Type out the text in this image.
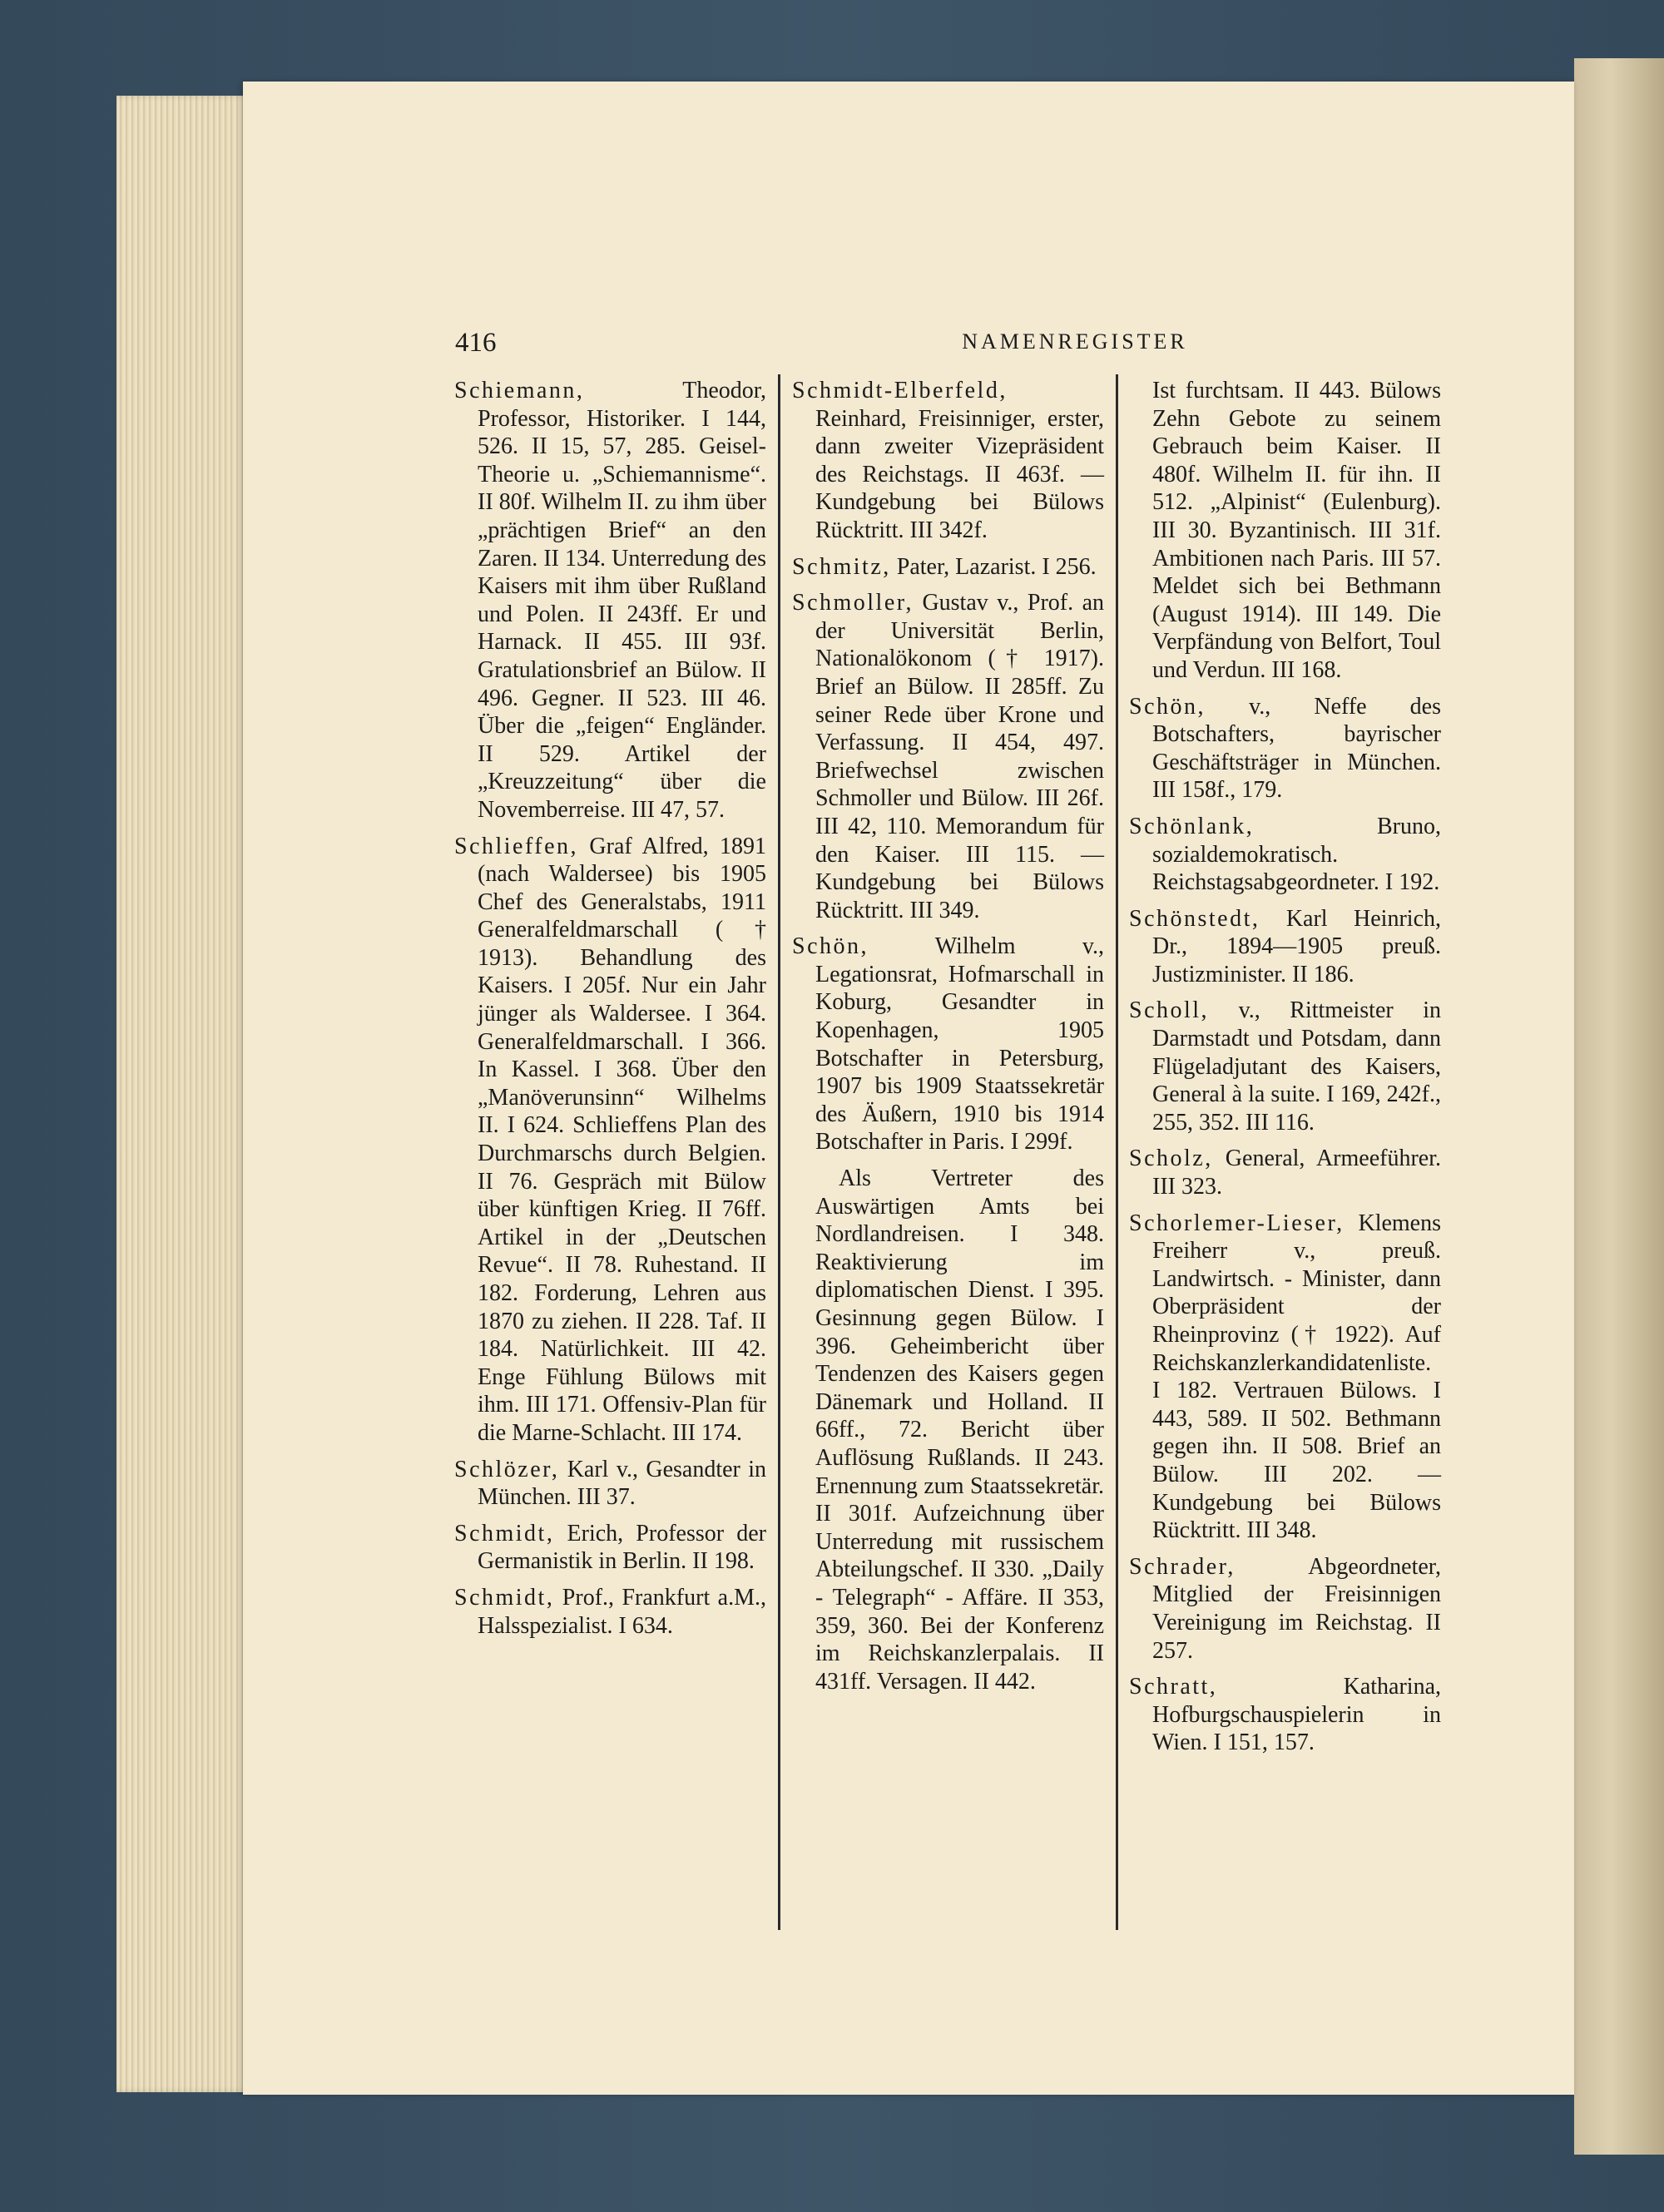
416	NAMENREGISTER

Schiemann, Theodor, Professor, Historiker. I 144, 526. II 15, 57, 285. Geisel-Theorie u. „Schiemannisme“. II 80f. Wilhelm II. zu ihm über „prächtigen Brief“ an den Zaren. II 134. Unterredung des Kaisers mit ihm über Rußland und Polen. II 243ff. Er und Harnack. II 455. III 93f. Gratulationsbrief an Bülow. II 496. Gegner. II 523. III 46. Über die „feigen“ Engländer. II 529. Artikel der „Kreuzzeitung“ über die Novemberreise. III 47, 57.

Schlieffen, Graf Alfred, 1891 (nach Waldersee) bis 1905 Chef des Generalstabs, 1911 Generalfeldmarschall († 1913). Behandlung des Kaisers. I 205f. Nur ein Jahr jünger als Waldersee. I 364. Generalfeldmarschall. I 366. In Kassel. I 368. Über den „Manöverunsinn“ Wilhelms II. I 624. Schlieffens Plan des Durchmarschs durch Belgien. II 76. Gespräch mit Bülow über künftigen Krieg. II 76ff. Artikel in der „Deutschen Revue“. II 78. Ruhestand. II 182. Forderung, Lehren aus 1870 zu ziehen. II 228. Taf. II 184. Natürlichkeit. III 42. Enge Fühlung Bülows mit ihm. III 171. Offensiv-Plan für die Marne-Schlacht. III 174.

Schlözer, Karl v., Gesandter in München. III 37.

Schmidt, Erich, Professor der Germanistik in Berlin. II 198.

Schmidt, Prof., Frankfurt a.M., Halsspezialist. I 634.

Schmidt-Elberfeld, Reinhard, Freisinniger, erster, dann zweiter Vizepräsident des Reichstags. II 463f. — Kundgebung bei Bülows Rücktritt. III 342f.

Schmitz, Pater, Lazarist. I 256.

Schmoller, Gustav v., Prof. an der Universität Berlin, Nationalökonom († 1917). Brief an Bülow. II 285ff. Zu seiner Rede über Krone und Verfassung. II 454, 497. Briefwechsel zwischen Schmoller und Bülow. III 26f. III 42, 110. Memorandum für den Kaiser. III 115. — Kundgebung bei Bülows Rücktritt. III 349.

Schön, Wilhelm v., Legationsrat, Hofmarschall in Koburg, Gesandter in Kopenhagen, 1905 Botschafter in Petersburg, 1907 bis 1909 Staatssekretär des Äußern, 1910 bis 1914 Botschafter in Paris. I 299f.

Als Vertreter des Auswärtigen Amts bei Nordlandreisen. I 348. Reaktivierung im diplomatischen Dienst. I 395. Gesinnung gegen Bülow. I 396. Geheimbericht über Tendenzen des Kaisers gegen Dänemark und Holland. II 66ff., 72. Bericht über Auflösung Rußlands. II 243. Ernennung zum Staatssekretär. II 301f. Aufzeichnung über Unterredung mit russischem Abteilungschef. II 330. „Daily - Telegraph“ - Affäre. II 353, 359, 360. Bei der Konferenz im Reichskanzlerpalais. II 431ff. Versagen. II 442.

Ist furchtsam. II 443. Bülows Zehn Gebote zu seinem Gebrauch beim Kaiser. II 480f. Wilhelm II. für ihn. II 512. „Alpinist“ (Eulenburg). III 30. Byzantinisch. III 31f. Ambitionen nach Paris. III 57. Meldet sich bei Bethmann (August 1914). III 149. Die Verpfändung von Belfort, Toul und Verdun. III 168.

Schön, v., Neffe des Botschafters, bayrischer Geschäftsträger in München. III 158f., 179.

Schönlank, Bruno, sozialdemokratisch. Reichstagsabgeordneter. I 192.

Schönstedt, Karl Heinrich, Dr., 1894—1905 preuß. Justizminister. II 186.

Scholl, v., Rittmeister in Darmstadt und Potsdam, dann Flügeladjutant des Kaisers, General à la suite. I 169, 242f., 255, 352. III 116.

Scholz, General, Armeeführer. III 323.

Schorlemer-Lieser, Klemens Freiherr v., preuß. Landwirtsch. - Minister, dann Oberpräsident der Rheinprovinz († 1922). Auf Reichskanzlerkandidatenliste. I 182. Vertrauen Bülows. I 443, 589. II 502. Bethmann gegen ihn. II 508. Brief an Bülow. III 202. — Kundgebung bei Bülows Rücktritt. III 348.

Schrader, Abgeordneter, Mitglied der Freisinnigen Vereinigung im Reichstag. II 257.

Schratt, Katharina, Hofburgschauspielerin in Wien. I 151, 157.
